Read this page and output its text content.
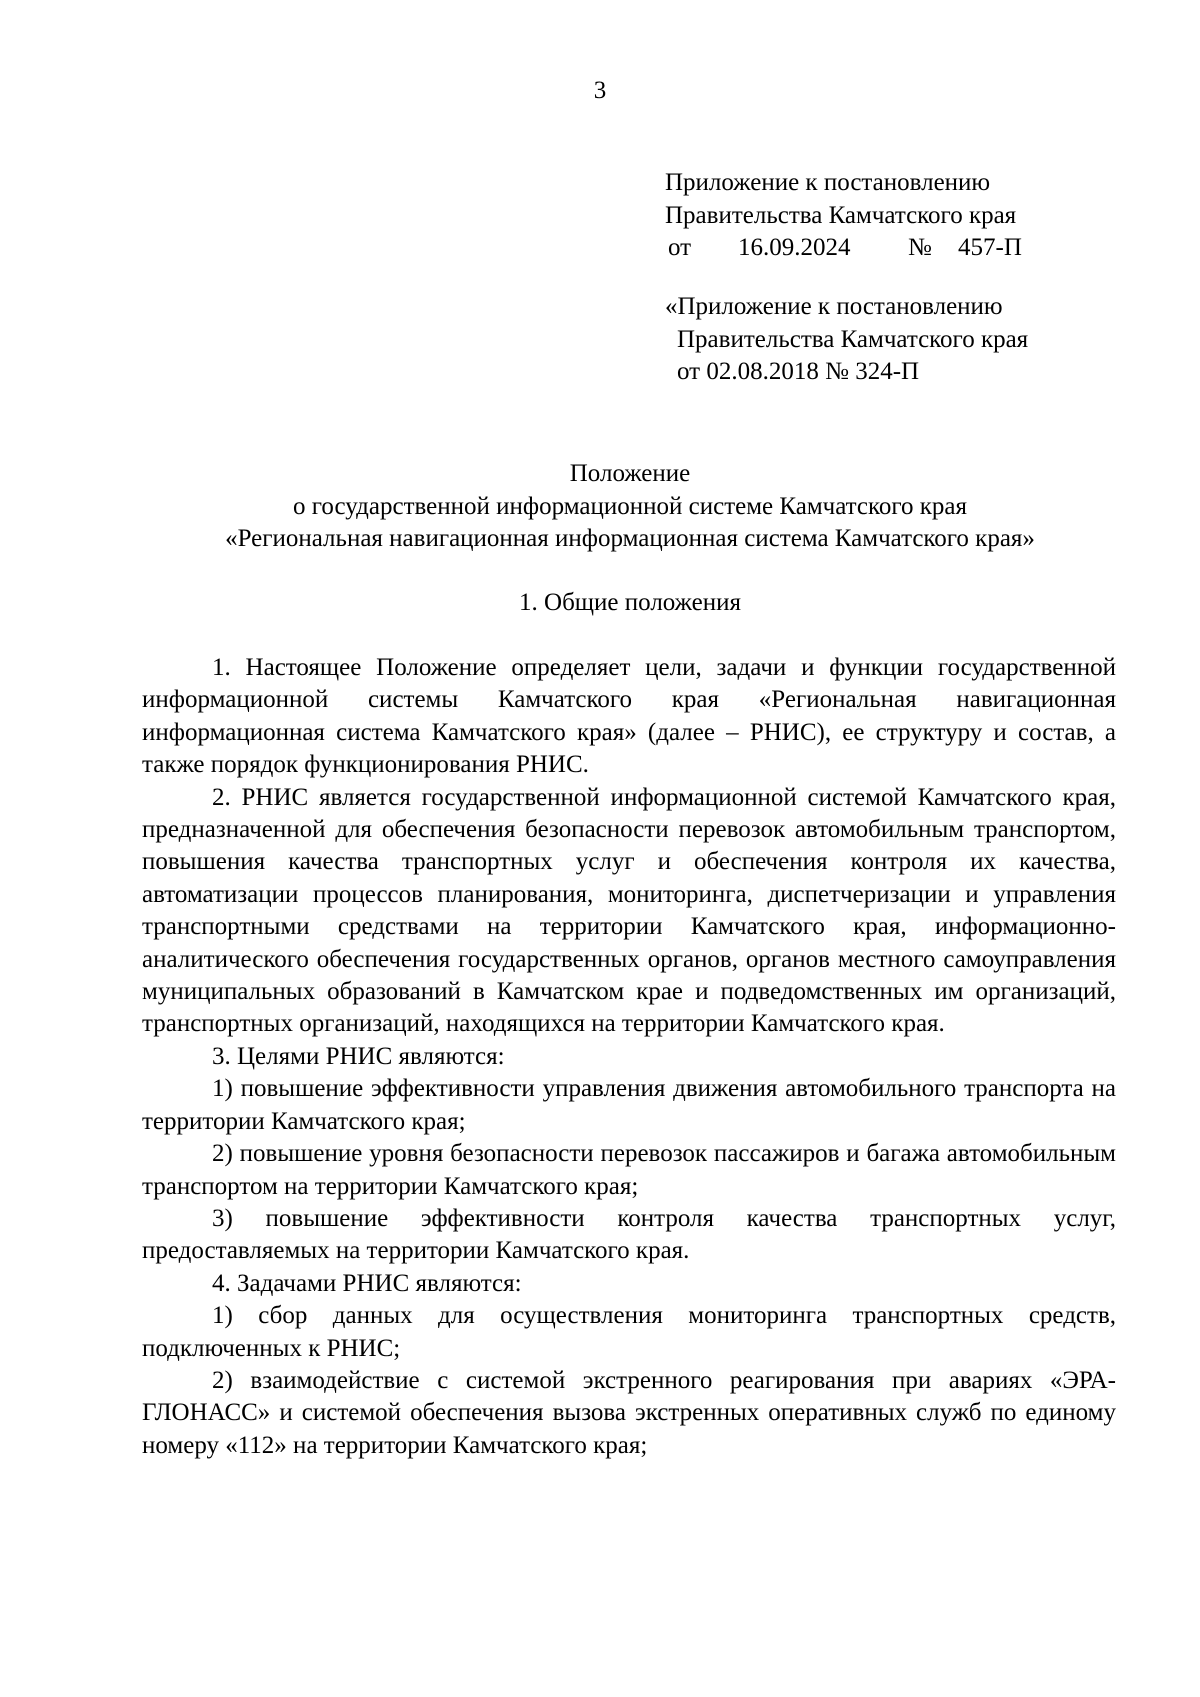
3
Приложение к постановлению
Правительства Камчатского края
от 16.09.2024 № 457-П
«Приложение к постановлению
Правительства Камчатского края
от 02.08.2018 № 324-П
Положение
о государственной информационной системе Камчатского края
«Региональная навигационная информационная система Камчатского края»
1. Общие положения

1. Настоящее Положение определяет цели, задачи и функции государственной информационной системы Камчатского края «Региональная навигационная информационная система Камчатского края» (далее – РНИС), ее структуру и состав, а также порядок функционирования РНИС.

2. РНИС является государственной информационной системой Камчатского края, предназначенной для обеспечения безопасности перевозок автомобильным транспортом, повышения качества транспортных услуг и обеспечения контроля их качества, автоматизации процессов планирования, мониторинга, диспетчеризации и управления транспортными средствами на территории Камчатского края, информационно-аналитического обеспечения государственных органов, органов местного самоуправления муниципальных образований в Камчатском крае и подведомственных им организаций, транспортных организаций, находящихся на территории Камчатского края.

3. Целями РНИС являются:

1) повышение эффективности управления движения автомобильного транспорта на территории Камчатского края;

2) повышение уровня безопасности перевозок пассажиров и багажа автомобильным транспортом на территории Камчатского края;

3) повышение эффективности контроля качества транспортных услуг, предоставляемых на территории Камчатского края.

4. Задачами РНИС являются:

1) сбор данных для осуществления мониторинга транспортных средств, подключенных к РНИС;

2) взаимодействие с системой экстренного реагирования при авариях «ЭРА-ГЛОНАСС» и системой обеспечения вызова экстренных оперативных служб по единому номеру «112» на территории Камчатского края;
